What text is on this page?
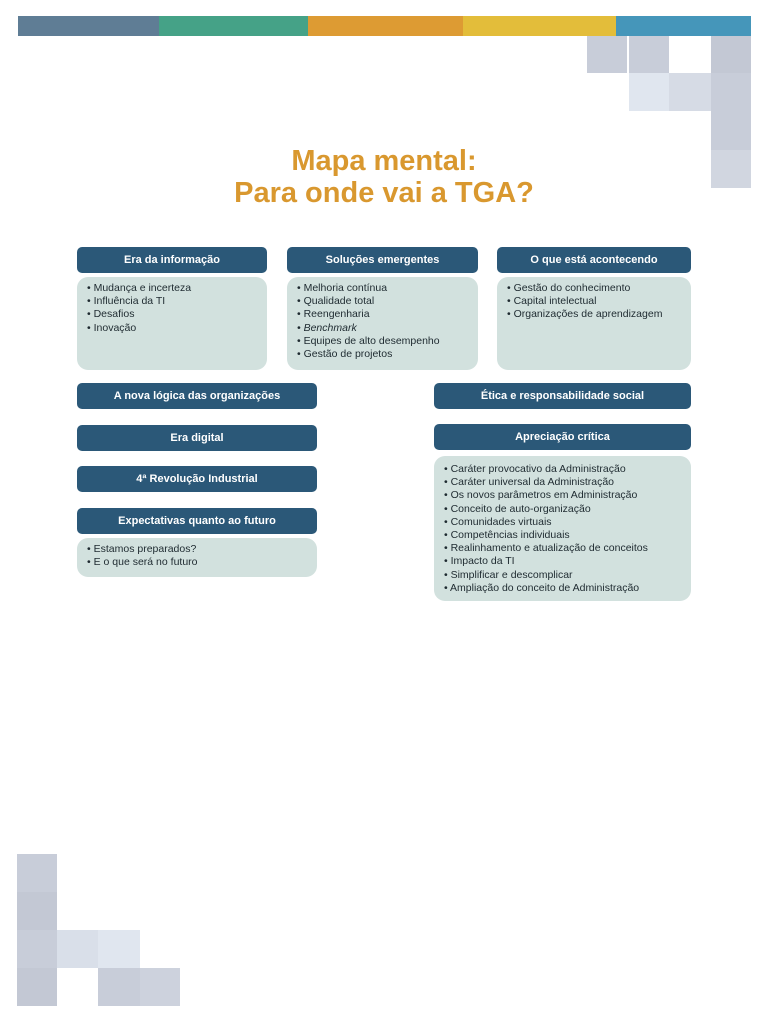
Mapa mental:
Para onde vai a TGA?
Era da informação
• Mudança e incerteza
• Influência da TI
• Desafios
• Inovação
Soluções emergentes
• Melhoria contínua
• Qualidade total
• Reengenharia
• Benchmark
• Equipes de alto desempenho
• Gestão de projetos
O que está acontecendo
• Gestão do conhecimento
• Capital intelectual
• Organizações de aprendizagem
A nova lógica das organizações
Era digital
4ª Revolução Industrial
Expectativas quanto ao futuro
• Estamos preparados?
• E o que será no futuro
Ética e responsabilidade social
Apreciação crítica
• Caráter provocativo da Administração
• Caráter universal da Administração
• Os novos parâmetros em Administração
• Conceito de auto-organização
• Comunidades virtuais
• Competências individuais
• Realinhamento e atualização de conceitos
• Impacto da TI
• Simplificar e descomplicar
• Ampliação do conceito de Administração
